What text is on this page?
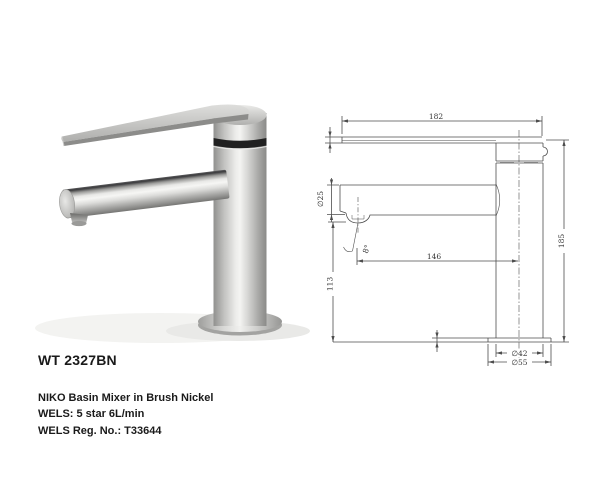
182
146
185
113
∅25
8°
∅42
∅55
WT 2327BN
NIKO Basin Mixer in Brush Nickel
WELS: 5 star 6L/min
WELS Reg. No.: T33644
